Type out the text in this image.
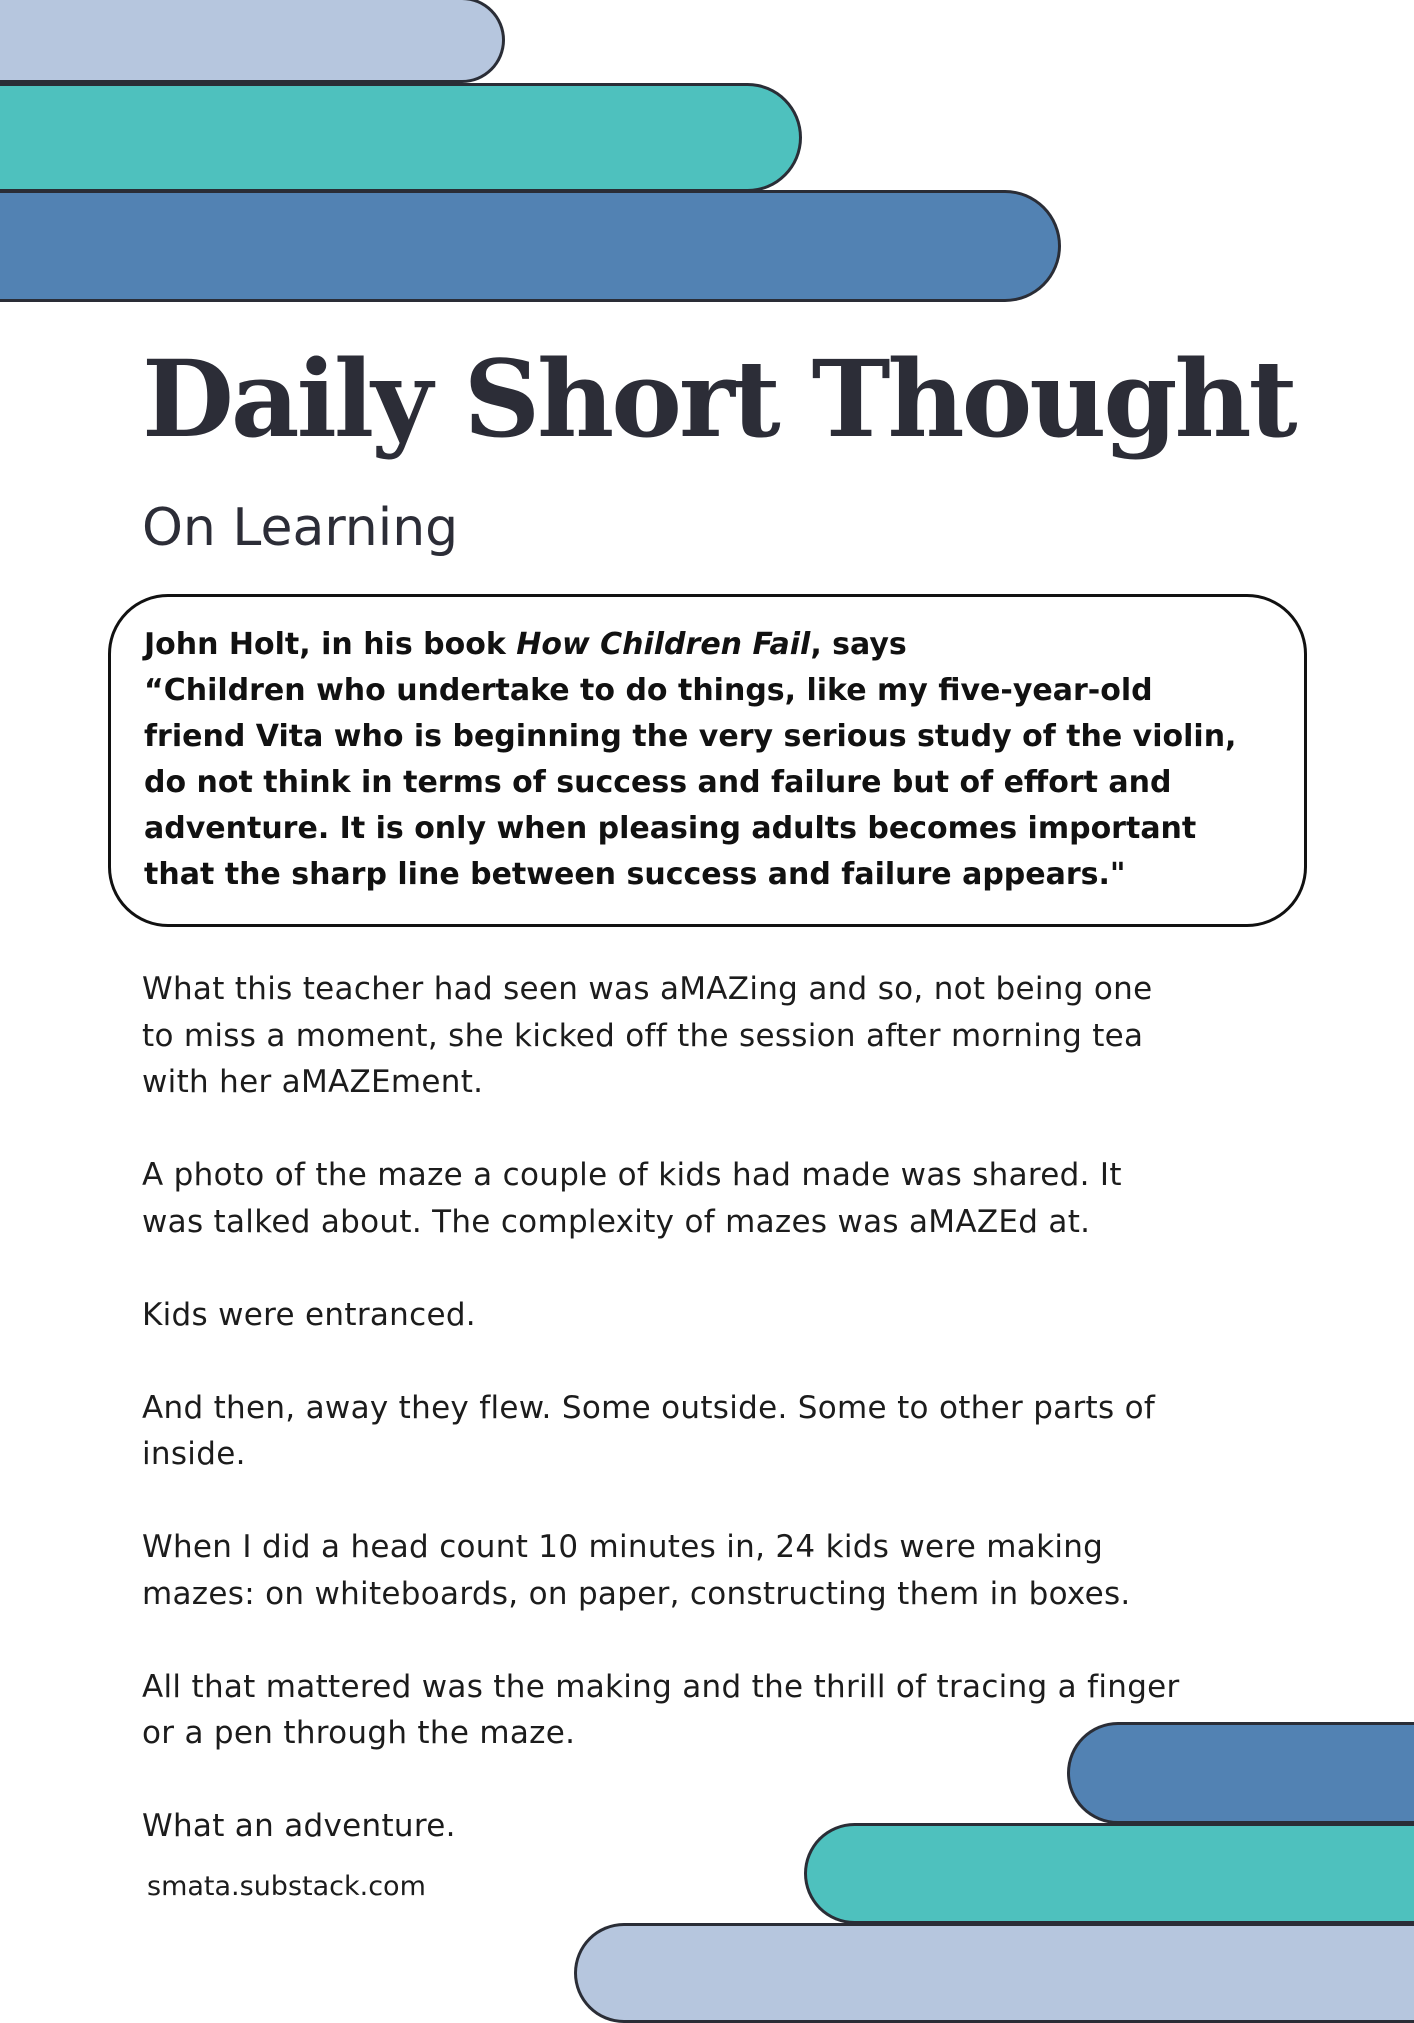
Daily Short Thought
On Learning

John Holt, in his book How Children Fail, says

“Children who undertake to do things, like my five-year-old

friend Vita who is beginning the very serious study of the violin,

do not think in terms of success and failure but of effort and

adventure. It is only when pleasing adults becomes important

that the sharp line between success and failure appears."

What this teacher had seen was aMAZing and so, not being one
to miss a moment, she kicked off the session after morning tea
with her aMAZEment.

A photo of the maze a couple of kids had made was shared. It
was talked about. The complexity of mazes was aMAZEd at.

Kids were entranced.

And then, away they flew. Some outside. Some to other parts of
inside.

When I did a head count 10 minutes in, 24 kids were making
mazes: on whiteboards, on paper, constructing them in boxes.

All that mattered was the making and the thrill of tracing a finger
or a pen through the maze.

What an adventure.

smata.substack.com
